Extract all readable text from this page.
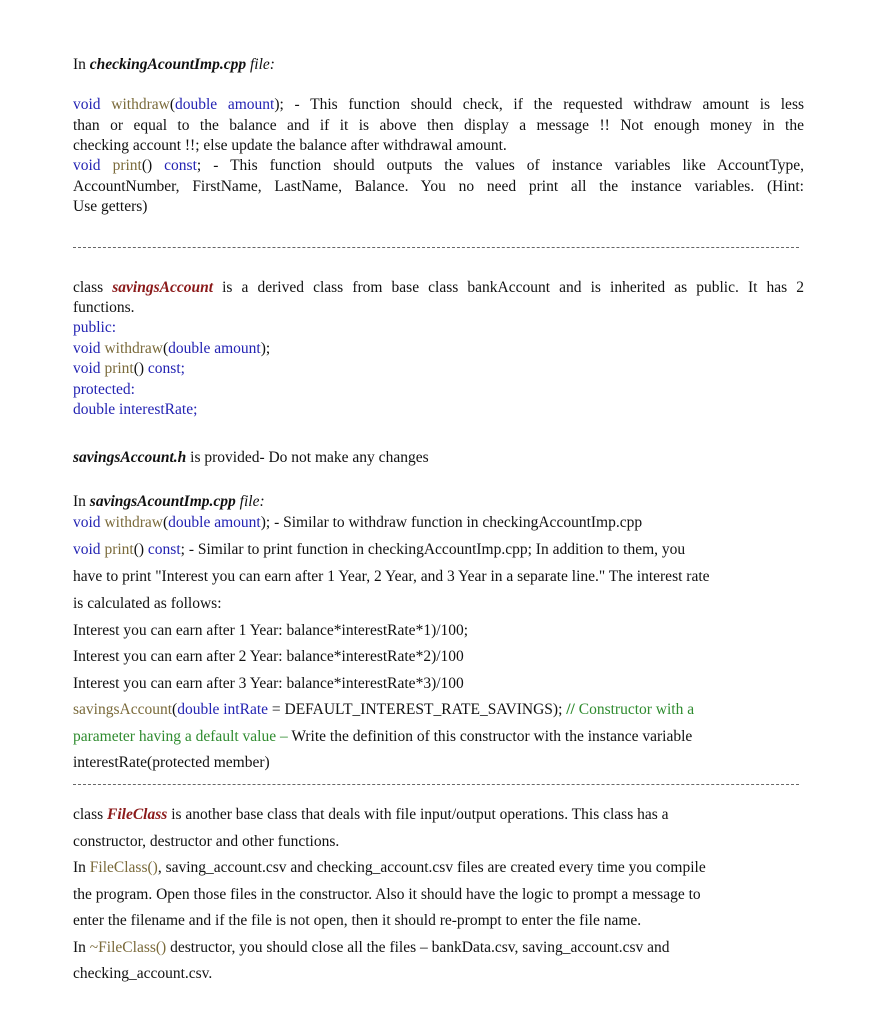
In checkingAcountImp.cpp file:
void withdraw(double amount); - This function should check, if the requested withdraw amount is less
than or equal to the balance and if it is above then display a message !! Not enough money in the
checking account !!; else update the balance after withdrawal amount.
void print() const; - This function should outputs the values of instance variables like AccountType,
AccountNumber, FirstName, LastName, Balance. You no need print all the instance variables. (Hint:
Use getters)
class savingsAccount is a derived class from base class bankAccount and is inherited as public. It has 2
functions.
public:
void withdraw(double amount);
void print() const;
protected:
double interestRate;
savingsAccount.h is provided- Do not make any changes
In savingsAcountImp.cpp file:
void withdraw(double amount); - Similar to withdraw function in checkingAccountImp.cpp
void print() const; - Similar to print function in checkingAccountImp.cpp; In addition to them, you
have to print "Interest you can earn after 1 Year, 2 Year, and 3 Year in a separate line." The interest rate
is calculated as follows:
Interest you can earn after 1 Year: balance*interestRate*1)/100;
Interest you can earn after 2 Year: balance*interestRate*2)/100
Interest you can earn after 3 Year: balance*interestRate*3)/100
savingsAccount(double intRate = DEFAULT_INTEREST_RATE_SAVINGS); // Constructor with a
parameter having a default value – Write the definition of this constructor with the instance variable
interestRate(protected member)
class FileClass is another base class that deals with file input/output operations. This class has a
constructor, destructor and other functions.
In FileClass(), saving_account.csv and checking_account.csv files are created every time you compile
the program. Open those files in the constructor. Also it should have the logic to prompt a message to
enter the filename and if the file is not open, then it should re-prompt to enter the file name.
In ~FileClass() destructor, you should close all the files – bankData.csv, saving_account.csv and
checking_account.csv.
